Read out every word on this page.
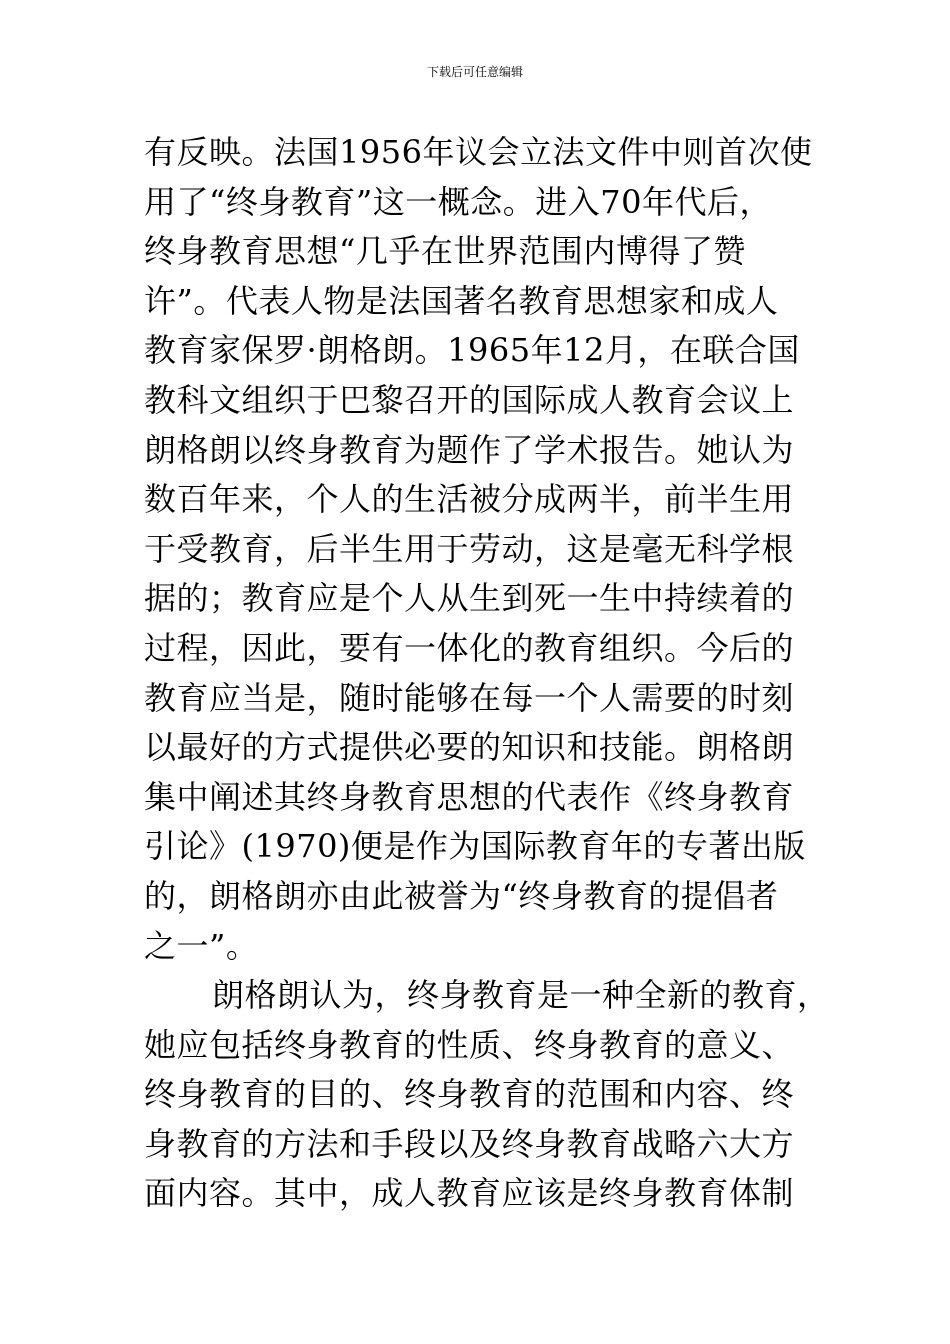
下载后可任意编辑
有反映。法国1956年议会立法文件中则首次使
用了“终身教育”这一概念。进入70年代后，
终身教育思想“几乎在世界范围内博得了赞
许”。代表人物是法国著名教育思想家和成人
教育家保罗·朗格朗。1965年12月，在联合国
教科文组织于巴黎召开的国际成人教育会议上
朗格朗以终身教育为题作了学术报告。她认为
数百年来，个人的生活被分成两半，前半生用
于受教育，后半生用于劳动，这是毫无科学根
据的；教育应是个人从生到死一生中持续着的
过程，因此，要有一体化的教育组织。今后的
教育应当是，随时能够在每一个人需要的时刻
以最好的方式提供必要的知识和技能。朗格朗
集中阐述其终身教育思想的代表作《终身教育
引论》(1970)便是作为国际教育年的专著出版
的，朗格朗亦由此被誉为“终身教育的提倡者
之一”。
朗格朗认为，终身教育是一种全新的教育，
她应包括终身教育的性质、终身教育的意义、
终身教育的目的、终身教育的范围和内容、终
身教育的方法和手段以及终身教育战略六大方
面内容。其中，成人教育应该是终身教育体制
